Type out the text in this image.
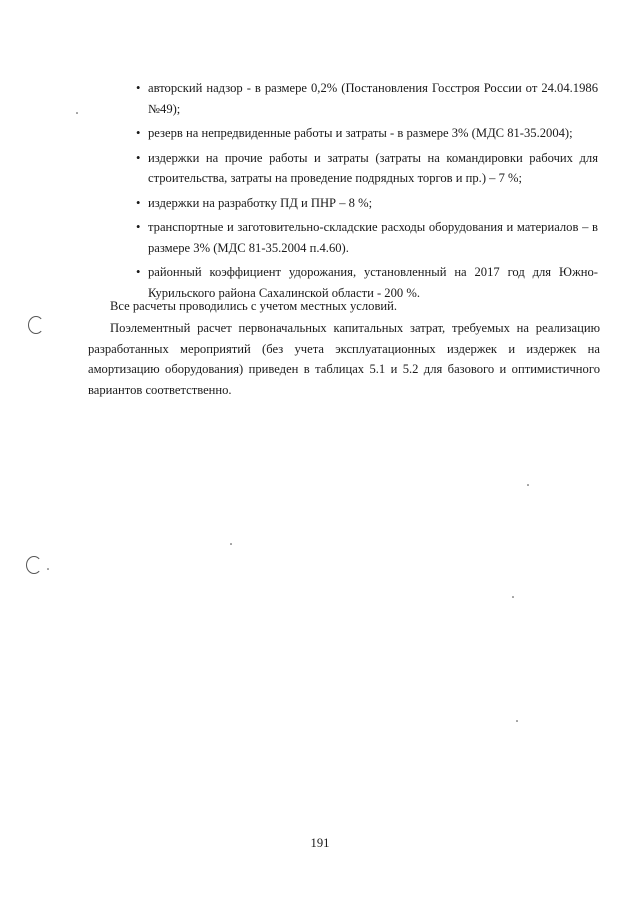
• авторский надзор - в размере 0,2% (Постановления Госстроя России от 24.04.1986 №49);
• резерв на непредвиденные работы и затраты - в размере 3% (МДС 81-35.2004);
• издержки на прочие работы и затраты (затраты на командировки рабочих для строительства, затраты на проведение подрядных торгов и пр.) – 7 %;
• издержки на разработку ПД и ПНР – 8 %;
• транспортные и заготовительно-складские расходы оборудования и материалов – в размере 3% (МДС 81-35.2004 п.4.60).
• районный коэффициент удорожания, установленный на 2017 год для Южно-Курильского района Сахалинской области - 200 %.

Все расчеты проводились с учетом местных условий.

Поэлементный расчет первоначальных капитальных затрат, требуемых на реализацию разработанных мероприятий (без учета эксплуатационных издержек и издержек на амортизацию оборудования) приведен в таблицах 5.1 и 5.2 для базового и оптимистичного вариантов соответственно.

191
